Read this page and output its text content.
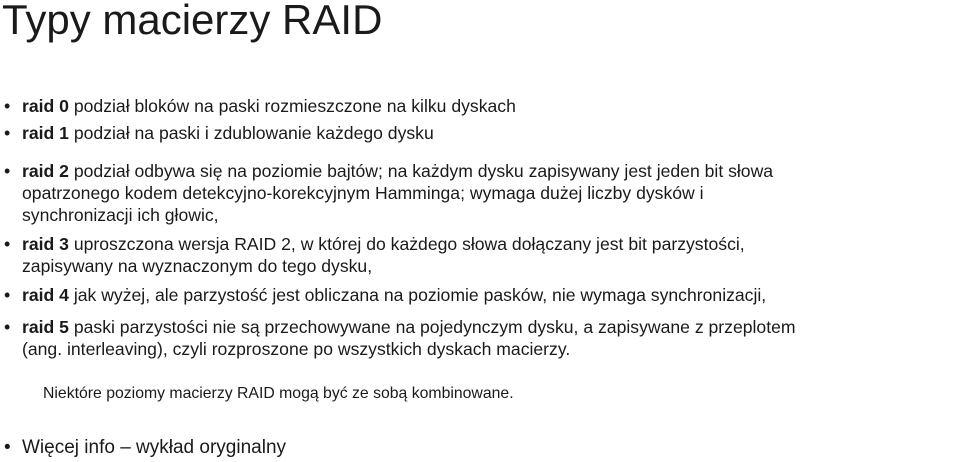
Typy macierzy RAID
• raid 0 podział bloków na paski rozmieszczone na kilku dyskach
• raid 1 podział na paski i zdublowanie każdego dysku
• raid 2 podział odbywa się na poziomie bajtów; na każdym dysku zapisywany jest jeden bit słowa
opatrzonego kodem detekcyjno-korekcyjnym Hamminga; wymaga dużej liczby dysków i
synchronizacji ich głowic,
• raid 3 uproszczona wersja RAID 2, w której do każdego słowa dołączany jest bit parzystości,
zapisywany na wyznaczonym do tego dysku,
• raid 4 jak wyżej, ale parzystość jest obliczana na poziomie pasków, nie wymaga synchronizacji,
• raid 5 paski parzystości nie są przechowywane na pojedynczym dysku, a zapisywane z przeplotem
(ang. interleaving), czyli rozproszone po wszystkich dyskach macierzy.
Niektóre poziomy macierzy RAID mogą być ze sobą kombinowane.
• Więcej info – wykład oryginalny
